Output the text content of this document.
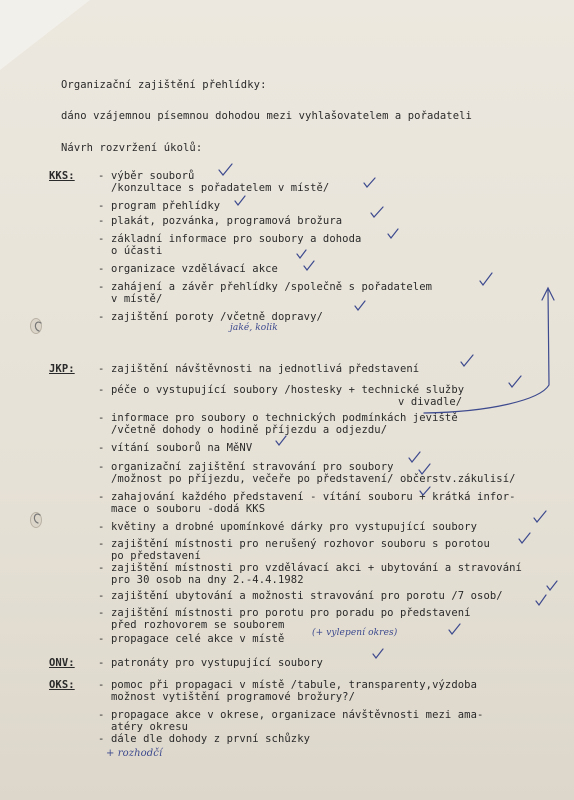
Organizační zajištění přehlídky:
dáno vzájemnou písemnou dohodou mezi vyhlašovatelem a pořadateli
Návrh rozvržení úkolů:
KKS: - výběr souborů
/konzultace s pořadatelem v místě/
- program přehlídky
- plakát, pozvánka, programová brožura
- základní informace pro soubory a dohoda
o účasti
- organizace vzdělávací akce
- zahájení a závěr přehlídky /společně s pořadatelem
v místě/
- zajištění poroty /včetně dopravy/
JKP: - zajištění návštěvnosti na jednotlivá představení
- péče o vystupující soubory /hostesky + technické služby
v divadle/
- informace pro soubory o technických podmínkách jeviště
/včetně dohody o hodině příjezdu a odjezdu/
- vítání souborů na MěNV
- organizační zajištění stravování pro soubory
/možnost po příjezdu, večeře po představení/ občerstv.zákulisí/
- zahajování každého představení - vítání souboru + krátká infor-
mace o souboru -dodá KKS
- květiny a drobné upomínkové dárky pro vystupující soubory
- zajištění místnosti pro nerušený rozhovor souboru s porotou
po představení
- zajištění místnosti pro vzdělávací akci + ubytování a stravování
pro 30 osob na dny 2.-4.4.1982
- zajištění ubytování a možnosti stravování pro porotu /7 osob/
- zajištění místnosti pro porotu pro poradu po představení
před rozhovorem se souborem
- propagace celé akce v místě
ONV: - patronáty pro vystupující soubory
OKS: - pomoc při propagaci v místě /tabule, transparenty,výzdoba
možnost vytištění programové brožury?/
- propagace akce v okrese, organizace návštěvnosti mezi ama-
atéry okresu
- dále dle dohody z první schůzky
jaké, kolik
(+ vylepení okres)
+ rozhodčí
